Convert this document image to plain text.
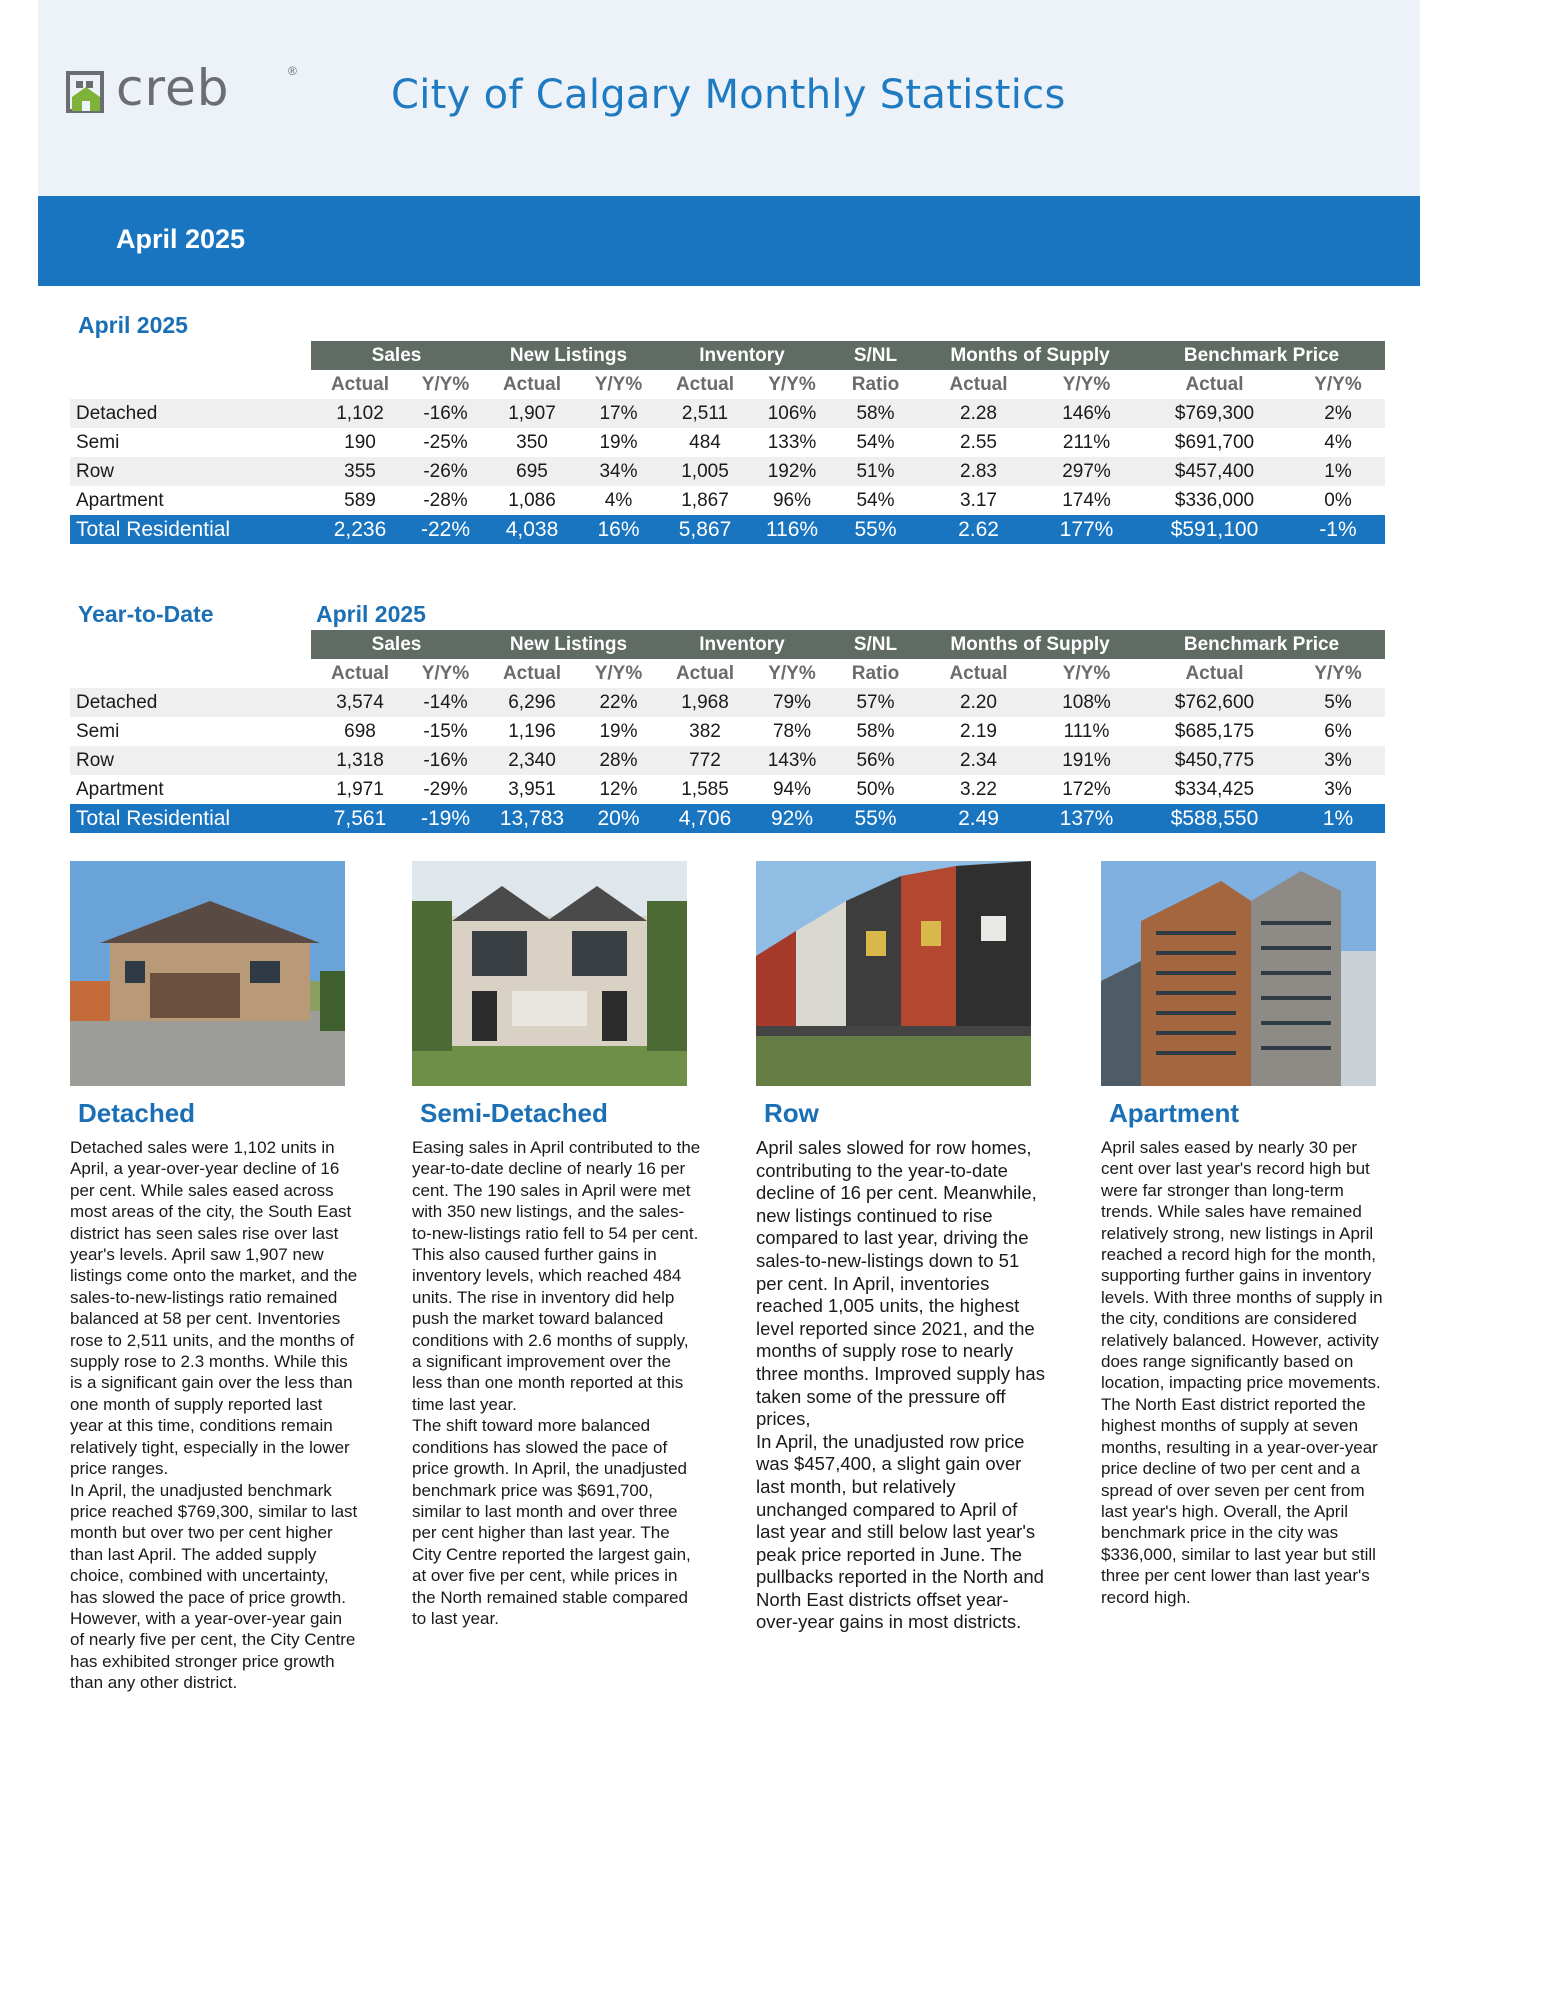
creb	®
City of Calgary Monthly Statistics
April 2025
April 2025
	Sales		New Listings		Inventory		S/NL	Months of Supply		Benchmark Price	
	Actual	Y/Y%	Actual	Y/Y%	Actual	Y/Y%	Ratio	Actual	Y/Y%	Actual	Y/Y%
Detached	1,102	-16%	1,907	17%	2,511	106%	58%	2.28	146%	$769,300	2%
Semi	190	-25%	350	19%	484	133%	54%	2.55	211%	$691,700	4%
Row	355	-26%	695	34%	1,005	192%	51%	2.83	297%	$457,400	1%
Apartment	589	-28%	1,086	4%	1,867	96%	54%	3.17	174%	$336,000	0%
Total Residential	2,236	-22%	4,038	16%	5,867	116%	55%	2.62	177%	$591,100	-1%
Year-to-Date	April 2025
	Sales		New Listings		Inventory		S/NL	Months of Supply		Benchmark Price	
	Actual	Y/Y%	Actual	Y/Y%	Actual	Y/Y%	Ratio	Actual	Y/Y%	Actual	Y/Y%
Detached	3,574	-14%	6,296	22%	1,968	79%	57%	2.20	108%	$762,600	5%
Semi	698	-15%	1,196	19%	382	78%	58%	2.19	111%	$685,175	6%
Row	1,318	-16%	2,340	28%	772	143%	56%	2.34	191%	$450,775	3%
Apartment	1,971	-29%	3,951	12%	1,585	94%	50%	3.22	172%	$334,425	3%
Total Residential	7,561	-19%	13,783	20%	4,706	92%	55%	2.49	137%	$588,550	1%
Detached

Detached sales were 1,102 units in April, a year-over-year decline of 16 per cent. While sales eased across most areas of the city, the South East district has seen sales rise over last year's levels. April saw 1,907 new listings come onto the market, and the sales-to-new-listings ratio remained balanced at 58 per cent. Inventories rose to 2,511 units, and the months of supply rose to 2.3 months. While this is a significant gain over the less than one month of supply reported last year at this time, conditions remain relatively tight, especially in the lower price ranges.

In April, the unadjusted benchmark price reached $769,300, similar to last month but over two per cent higher than last April. The added supply choice, combined with uncertainty, has slowed the pace of price growth. However, with a year-over-year gain of nearly five per cent, the City Centre has exhibited stronger price growth than any other district.

Semi-Detached

Easing sales in April contributed to the year-to-date decline of nearly 16 per cent. The 190 sales in April were met with 350 new listings, and the sales-to-new-listings ratio fell to 54 per cent. This also caused further gains in inventory levels, which reached 484 units. The rise in inventory did help push the market toward balanced conditions with 2.6 months of supply, a significant improvement over the less than one month reported at this time last year.

The shift toward more balanced conditions has slowed the pace of price growth. In April, the unadjusted benchmark price was $691,700, similar to last month and over three per cent higher than last year. The City Centre reported the largest gain, at over five per cent, while prices in the North remained stable compared to last year.

Row

April sales slowed for row homes, contributing to the year-to-date decline of 16 per cent. Meanwhile, new listings continued to rise compared to last year, driving the sales-to-new-listings down to 51 per cent. In April, inventories reached 1,005 units, the highest level reported since 2021, and the months of supply rose to nearly three months. Improved supply has taken some of the pressure off prices,

In April, the unadjusted row price was $457,400, a slight gain over last month, but relatively unchanged compared to April of last year and still below last year's peak price reported in June. The pullbacks reported in the North and North East districts offset year-over-year gains in most districts.

Apartment

April sales eased by nearly 30 per cent over last year's record high but were far stronger than long-term trends. While sales have remained relatively strong, new listings in April reached a record high for the month, supporting further gains in inventory levels. With three months of supply in the city, conditions are considered relatively balanced. However, activity does range significantly based on location, impacting price movements.

The North East district reported the highest months of supply at seven months, resulting in a year-over-year price decline of two per cent and a spread of over seven per cent from last year's high. Overall, the April benchmark price in the city was $336,000, similar to last year but still three per cent lower than last year's record high.
